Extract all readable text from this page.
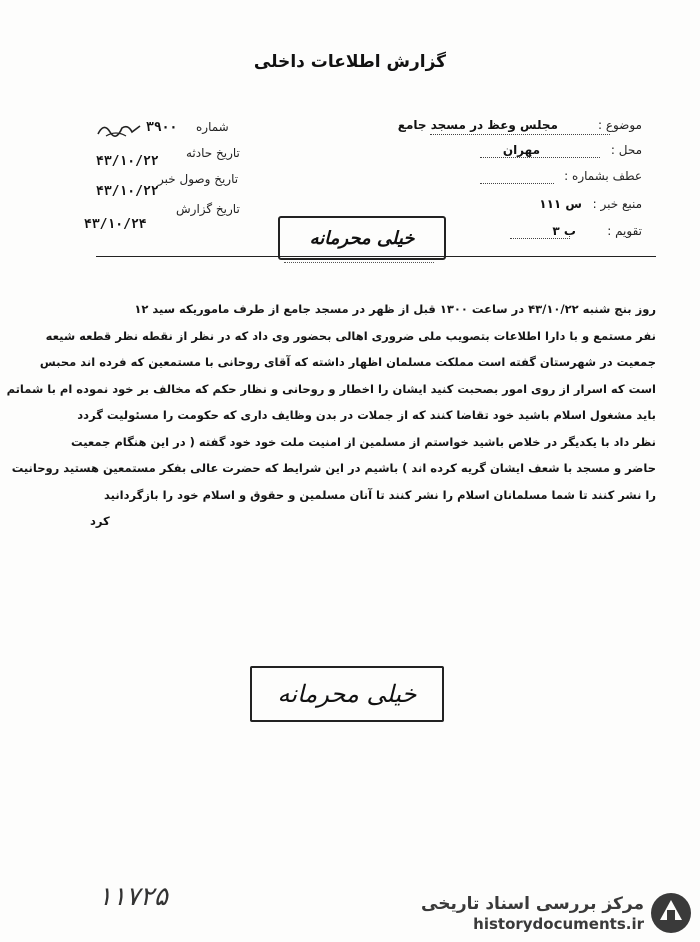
گزارش اطلاعات داخلی
موضوع :
مجلس وعظ در مسجد جامع
محل :
مهران
عطف بشماره :
منبع خبر :
س ۱۱۱
تقویم :
ب ۳
شماره
۳۹۰۰
تاریخ حادثه
۴۳/۱۰/۲۲
تاریخ وصول خبر
۴۳/۱۰/۲۲
تاریخ گزارش
۴۳/۱۰/۲۴
خیلی محرمانه

روز بنج شنبه ۴۳/۱۰/۲۲ در ساعت ۱۳۰۰ قبل از ظهر در مسجد جامع از طرف ماموریکه سید ۱۲

نفر مستمع و با دارا اطلاعات بتصویب ملی ضروری اهالی بحضور وی داد که در نظر از نقطه نظر قطعه شیعه

جمعیت در شهرستان گفته است مملکت مسلمان اظهار داشته که آقای روحانی با مستمعین که فرده اند محبس

است که اسرار از روی امور بصحبت کنید ایشان را اخطار و روحانی و نظار حکم که مخالف بر خود نموده ام با شماتم

باید مشغول اسلام باشید خود تقاضا کنند که از جملات در بدن وظایف داری که حکومت را مسئولیت گردد

نظر داد با یکدیگر در خلاص باشید خواستم از مسلمین از امنیت ملت خود خود گفته ( در این هنگام جمعیت

حاضر و مسجد با شعف ایشان گریه کرده اند ) باشیم در این شرایط که حضرت عالی بفکر مستمعین هستید روحانیت

را نشر کنند تا شما مسلمانان اسلام را نشر کنند تا آنان مسلمین و حقوق و اسلام خود را بازگردانید

کرد

خیلی محرمانه
۱۱۷۲۵	مرکز بررسی اسناد تاریخی
historydocuments.ir
